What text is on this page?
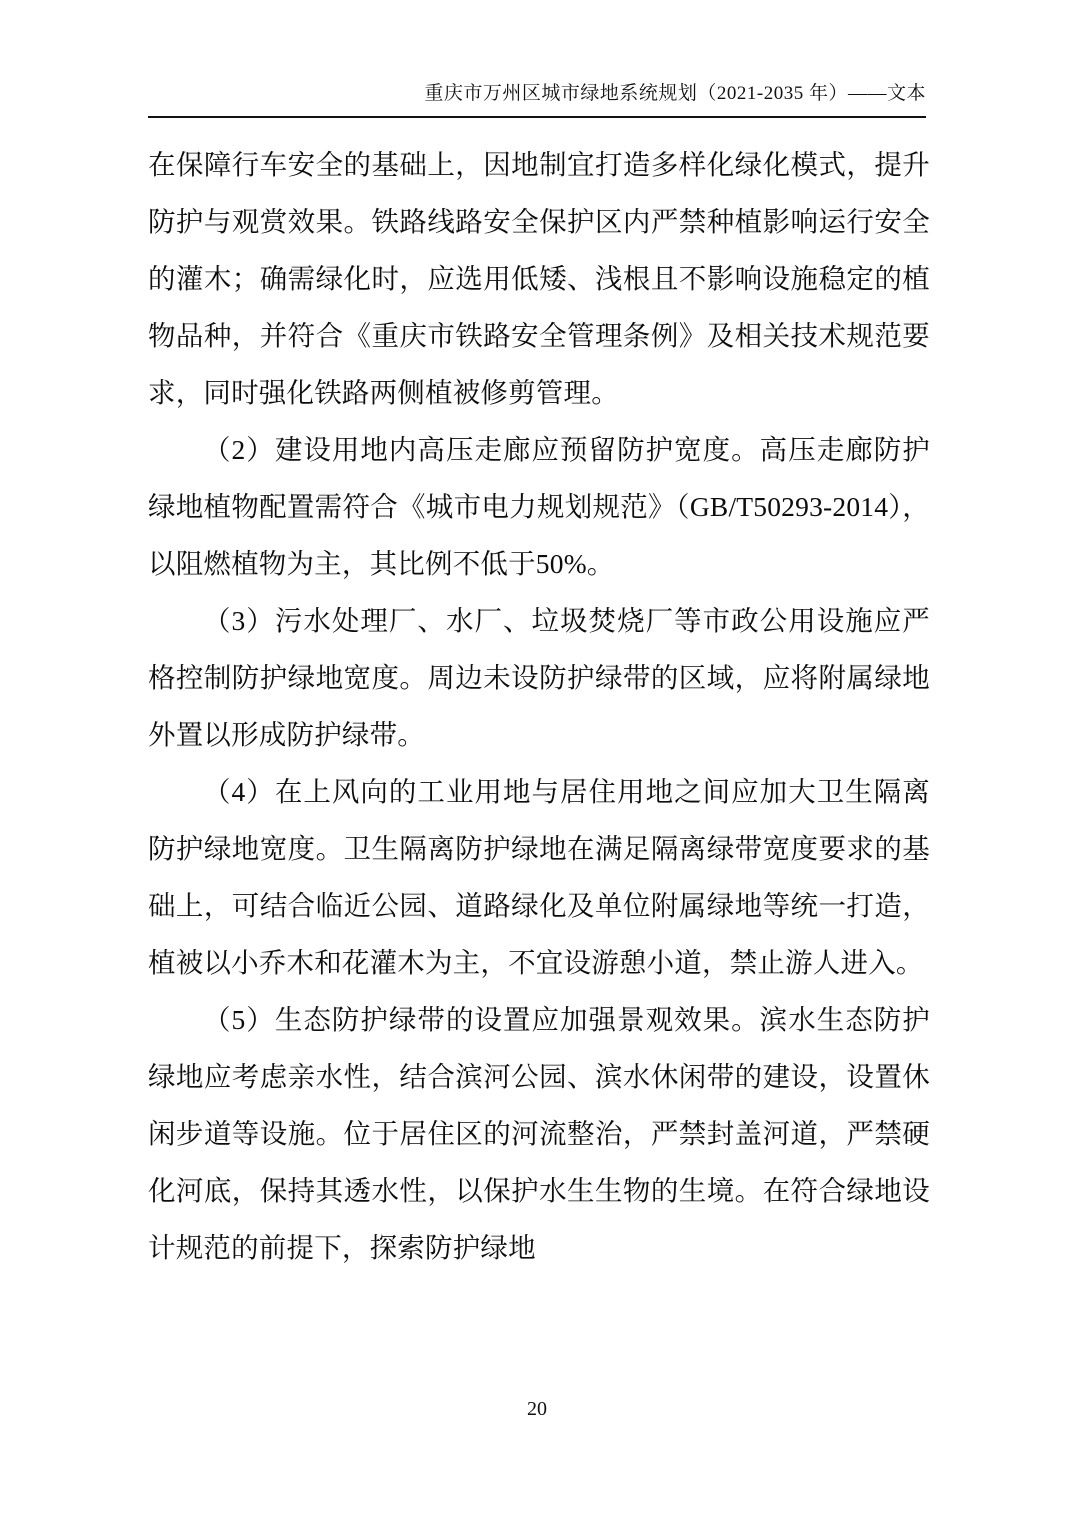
重庆市万州区城市绿地系统规划（2021-2035 年）——文本

在保障行车安全的基础上，因地制宜打造多样化绿化模式，提升防护与观赏效果。铁路线路安全保护区内严禁种植影响运行安全的灌木；确需绿化时，应选用低矮、浅根且不影响设施稳定的植物品种，并符合《重庆市铁路安全管理条例》及相关技术规范要求，同时强化铁路两侧植被修剪管理。

（2）建设用地内高压走廊应预留防护宽度。高压走廊防护绿地植物配置需符合《城市电力规划规范》（GB/T50293-2014），以阻燃植物为主，其比例不低于50%。

（3）污水处理厂、水厂、垃圾焚烧厂等市政公用设施应严格控制防护绿地宽度。周边未设防护绿带的区域，应将附属绿地外置以形成防护绿带。

（4）在上风向的工业用地与居住用地之间应加大卫生隔离防护绿地宽度。卫生隔离防护绿地在满足隔离绿带宽度要求的基础上，可结合临近公园、道路绿化及单位附属绿地等统一打造，植被以小乔木和花灌木为主，不宜设游憩小道，禁止游人进入。

（5）生态防护绿带的设置应加强景观效果。滨水生态防护绿地应考虑亲水性，结合滨河公园、滨水休闲带的建设，设置休闲步道等设施。位于居住区的河流整治，严禁封盖河道，严禁硬化河底，保持其透水性，以保护水生生物的生境。在符合绿地设计规范的前提下，探索防护绿地

20
